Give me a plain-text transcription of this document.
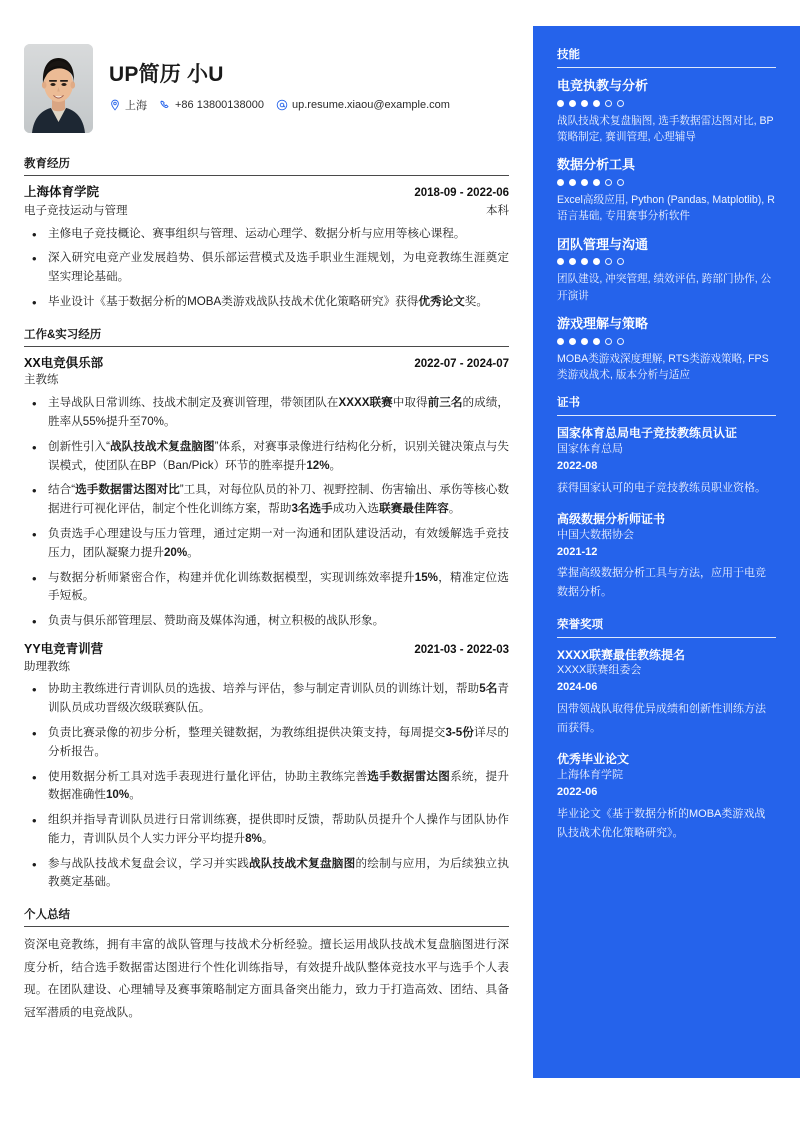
UP简历 小U
上海	+86 13800138000	up.resume.xiaou@example.com
教育经历
上海体育学院	2018-09 - 2022-06
电子竞技运动与管理	本科
• 主修电子竞技概论、赛事组织与管理、运动心理学、数据分析与应用等核心课程。
• 深入研究电竞产业发展趋势、俱乐部运营模式及选手职业生涯规划，为电竞教练生涯奠定坚实理论基础。
• 毕业设计《基于数据分析的MOBA类游戏战队技战术优化策略研究》获得优秀论文奖。
工作&实习经历
XX电竞俱乐部	2022-07 - 2024-07
主教练
• 主导战队日常训练、技战术制定及赛训管理，带领团队在XXXX联赛中取得前三名的成绩，胜率从55%提升至70%。
• 创新性引入“战队技战术复盘脑图”体系，对赛事录像进行结构化分析，识别关键决策点与失误模式，使团队在BP（Ban/Pick）环节的胜率提升12%。
• 结合“选手数据雷达图对比”工具，对每位队员的补刀、视野控制、伤害输出、承伤等核心数据进行可视化评估，制定个性化训练方案，帮助3名选手成功入选联赛最佳阵容。
• 负责选手心理建设与压力管理，通过定期一对一沟通和团队建设活动，有效缓解选手竞技压力，团队凝聚力提升20%。
• 与数据分析师紧密合作，构建并优化训练数据模型，实现训练效率提升15%，精准定位选手短板。
• 负责与俱乐部管理层、赞助商及媒体沟通，树立积极的战队形象。
YY电竞青训营	2021-03 - 2022-03
助理教练
• 协助主教练进行青训队员的选拔、培养与评估，参与制定青训队员的训练计划，帮助5名青训队员成功晋级次级联赛队伍。
• 负责比赛录像的初步分析，整理关键数据，为教练组提供决策支持，每周提交3-5份详尽的分析报告。
• 使用数据分析工具对选手表现进行量化评估，协助主教练完善选手数据雷达图系统，提升数据准确性10%。
• 组织并指导青训队员进行日常训练赛，提供即时反馈，帮助队员提升个人操作与团队协作能力，青训队员个人实力评分平均提升8%。
• 参与战队技战术复盘会议，学习并实践战队技战术复盘脑图的绘制与应用，为后续独立执教奠定基础。
个人总结
资深电竞教练，拥有丰富的战队管理与技战术分析经验。擅长运用战队技战术复盘脑图进行深度分析，结合选手数据雷达图进行个性化训练指导，有效提升战队整体竞技水平与选手个人表现。在团队建设、心理辅导及赛事策略制定方面具备突出能力，致力于打造高效、团结、具备冠军潜质的电竞战队。
技能
电竞执教与分析
战队技战术复盘脑图, 选手数据雷达图对比, BP策略制定, 赛训管理, 心理辅导
数据分析工具
Excel高级应用, Python (Pandas, Matplotlib), R语言基础, 专用赛事分析软件
团队管理与沟通
团队建设, 冲突管理, 绩效评估, 跨部门协作, 公开演讲
游戏理解与策略
MOBA类游戏深度理解, RTS类游戏策略, FPS类游戏战术, 版本分析与适应
证书
国家体育总局电子竞技教练员认证
国家体育总局
2022-08
获得国家认可的电子竞技教练员职业资格。
高级数据分析师证书
中国大数据协会
2021-12
掌握高级数据分析工具与方法，应用于电竞数据分析。
荣誉奖项
XXXX联赛最佳教练提名
XXXX联赛组委会
2024-06
因带领战队取得优异成绩和创新性训练方法而获得。
优秀毕业论文
上海体育学院
2022-06
毕业论文《基于数据分析的MOBA类游戏战队技战术优化策略研究》。
